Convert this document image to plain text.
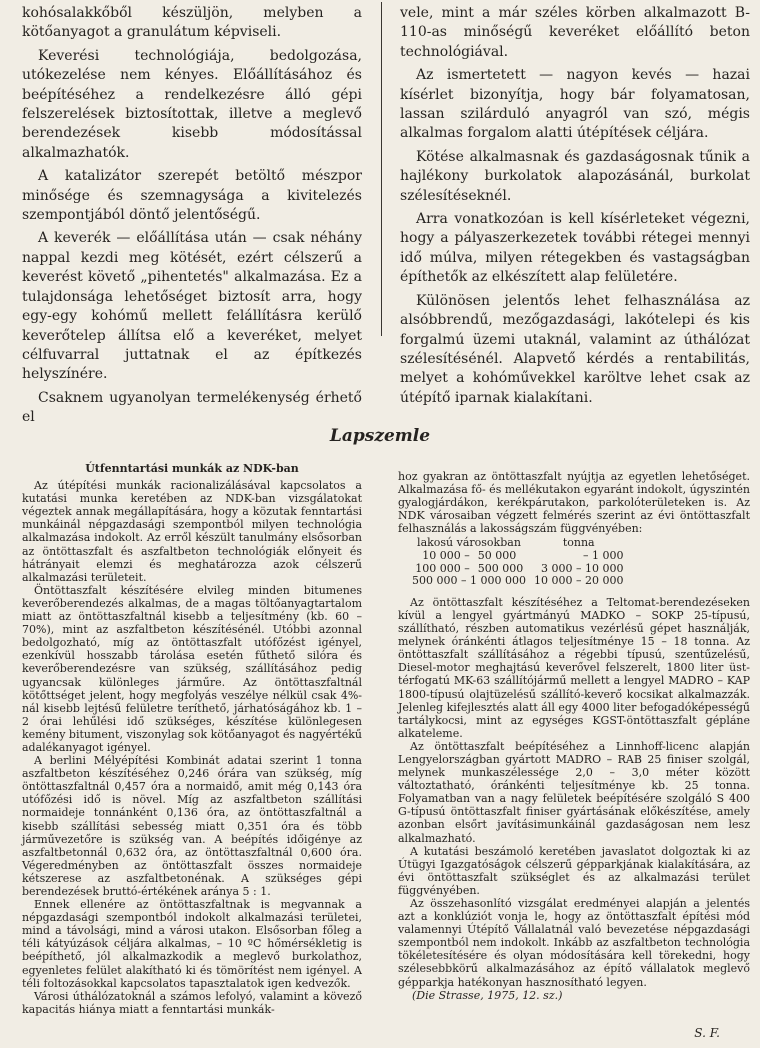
kohósalakkőből készüljön, melyben a kötőanyagot a granulátum képviseli.

Keverési technológiája, bedolgozása, utókezelése nem kényes. Előállításához és beépítéséhez a rendelkezésre álló gépi felszerelések biztosítottak, illetve a meglevő berendezések kisebb módosítással alkalmazhatók.

A katalizátor szerepét betöltő mészpor minősége és szemnagysága a kivitelezés szempontjából döntő jelentőségű.

A keverék — előállítása után — csak néhány nappal kezdi meg kötését, ezért célszerű a keverést követő „pihentetés" alkalmazása. Ez a tulajdonsága lehetőséget biztosít arra, hogy egy-egy kohómű mellett felállításra kerülő keverőtelep állítsa elő a keveréket, melyet célfuvarral juttatnak el az építkezés helyszínére.

Csaknem ugyanolyan termelékenység érhető el

vele, mint a már széles körben alkalmazott B-110-as minőségű keveréket előállító beton technológiával.

Az ismertetett — nagyon kevés — hazai kísérlet bizonyítja, hogy bár folyamatosan, lassan szilárduló anyagról van szó, mégis alkalmas forgalom alatti útépítések céljára.

Kötése alkalmasnak és gazdaságosnak tűnik a hajlékony burkolatok alapozásánál, burkolat szélesítéseknél.

Arra vonatkozóan is kell kísérleteket végezni, hogy a pályaszerkezetek további rétegei mennyi idő múlva, milyen rétegekben és vastagságban építhetők az elkészített alap felületére.

Különösen jelentős lehet felhasználása az alsóbbrendű, mezőgazdasági, lakótelepi és kis forgalmú üzemi utaknál, valamint az úthálózat szélesítésénél. Alapvető kérdés a rentabilitás, melyet a kohóművekkel karöltve lehet csak az útépítő iparnak kialakítani.

Lapszemle

Útfenntartási munkák az NDK-ban

Az útépítési munkák racionalizálásával kapcsolatos a kutatási munka keretében az NDK-ban vizsgálatokat végeztek annak megállapítására, hogy a közutak fenntartási munkáinál népgazdasági szempontból milyen technológia alkalmazása indokolt. Az erről készült tanulmány elsősorban az öntöttaszfalt és aszfaltbeton technológiák előnyeit és hátrányait elemzi és meghatározza azok célszerű alkalmazási területeit.

Öntöttaszfalt készítésére elvileg minden bitumenes keverőberendezés alkalmas, de a magas töltőanyagtartalom miatt az öntöttaszfaltnál kisebb a teljesítmény (kb. 60 – 70%), mint az aszfaltbeton készítésénél. Utóbbi azonnal bedolgozható, míg az öntöttaszfalt utófőzést igényel, ezenkívül hosszabb tárolása esetén fűthető silóra és keverőberendezésre van szükség, szállításához pedig ugyancsak különleges járműre. Az öntöttaszfaltnál kötőttséget jelent, hogy megfolyás veszélye nélkül csak 4%-nál kisebb lejtésű felületre teríthető, járhatóságához kb. 1 – 2 órai lehűlési idő szükséges, készítése különlegesen kemény bitument, viszonylag sok kötőanyagot és nagyértékű adalékanyagot igényel.

A berlini Mélyépítési Kombinát adatai szerint 1 tonna aszfaltbeton készítéséhez 0,246 órára van szükség, míg öntöttaszfaltnál 0,457 óra a normaidő, amit még 0,143 óra utófőzési idő is növel. Míg az aszfaltbeton szállítási normaideje tonnánként 0,136 óra, az öntöttaszfaltnál a kisebb szállítási sebesség miatt 0,351 óra és több járművezetőre is szükség van. A beépítés időigénye az aszfaltbetonnál 0,632 óra, az öntöttaszfaltnál 0,600 óra. Végeredményben az öntöttaszfalt összes normaideje kétszerese az aszfaltbetonénak. A szükséges gépi berendezések bruttó-értékének aránya 5 : 1.

Ennek ellenére az öntöttaszfaltnak is megvannak a népgazdasági szempontból indokolt alkalmazási területei, mind a távolsági, mind a városi utakon. Elsősorban főleg a téli kátyúzások céljára alkalmas, – 10 ºC hőmérsékletig is beépíthető, jól alkalmazkodik a meglevő burkolathoz, egyenletes felület alakítható ki és tömörítést nem igényel. A téli foltozásokkal kapcsolatos tapasztalatok igen kedvezők.

Városi úthálózatoknál a számos lefolyó, valamint a kövező kapacitás hiánya miatt a fenntartási munkák-

hoz gyakran az öntöttaszfalt nyújtja az egyetlen lehetőséget. Alkalmazása fő- és mellékutakon egyaránt indokolt, úgyszintén gyalogjárdákon, kerékpárutakon, parkolóterületeken is. Az NDK városaiban végzett felmérés szerint az évi öntöttaszfalt felhasználás a lakosságszám függvényében:

lakosú városokban		tonna
10 000 –	50 000	– 1 000
100 000 –	500 000	3 000 – 10 000
500 000 – 1 000 000		10 000 – 20 000

Az öntöttaszfalt készítéséhez a Teltomat-berendezéseken kívül a lengyel gyártmányú MADKO – SOKP 25-típusú, szállítható, részben automatikus vezérlésű gépet használják, melynek óránkénti átlagos teljesítménye 15 – 18 tonna. Az öntöttaszfalt szállításához a régebbi típusú, szentűzelésű, Diesel-motor meghajtású keverővel felszerelt, 1800 liter üst-térfogatú MK-63 szállítójármű mellett a lengyel MADRO – KAP 1800-típusú olajtüzelésű szállító-keverő kocsikat alkalmazzák. Jelenleg kifejlesztés alatt áll egy 4000 liter befogadóképességű tartálykocsi, mint az egységes KGST-öntöttaszfalt gépláne alkateleme.

Az öntöttaszfalt beépítéséhez a Linnhoff-licenc alapján Lengyelországban gyártott MADRO – RAB 25 finiser szolgál, melynek munkaszélessége 2,0 – 3,0 méter között változtatható, óránkénti teljesítménye kb. 25 tonna. Folyamatban van a nagy felületek beépítésére szolgáló S 400 G-típusú öntöttaszfalt finiser gyártásának előkészítése, amely azonban elsőrt javításimunkáinál gazdaságosan nem lesz alkalmazható.

A kutatási beszámoló keretében javaslatot dolgoztak ki az Útügyi Igazgatóságok célszerű gépparkjának kialakítására, az évi öntöttaszfalt szükséglet és az alkalmazási terület függvényében.

Az összehasonlító vizsgálat eredményei alapján a jelentés azt a konklúziót vonja le, hogy az öntöttaszfalt építési mód valamennyi Útépítő Vállalatnál való bevezetése népgazdasági szempontból nem indokolt. Inkább az aszfaltbeton technológia tökéletesítésére és olyan módosítására kell törekedni, hogy szélesebbkörű alkalmazásához az építő vállalatok meglevő gépparkja hatékonyan hasznosítható legyen.

(Die Strasse, 1975, 12. sz.)

S. F.
